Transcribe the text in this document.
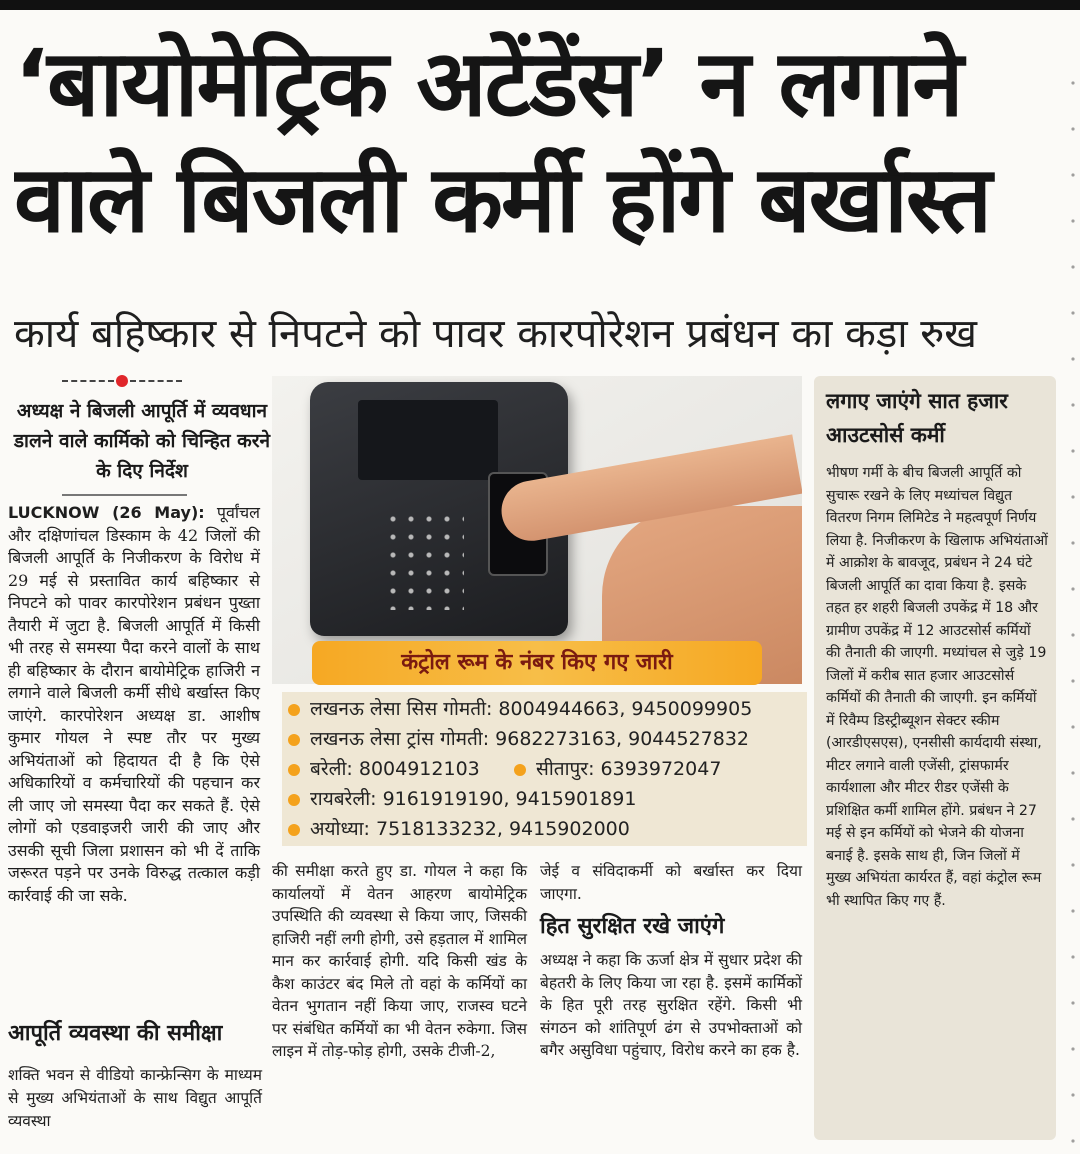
‘बायोमेट्रिक अटेंडेंस’ न लगाने
वाले बिजली कर्मी होंगे बर्खास्त
कार्य बहिष्कार से निपटने को पावर कारपोरेशन प्रबंधन का कड़ा रुख
अध्यक्ष ने बिजली आपूर्ति में व्यवधान डालने वाले कार्मिको को चिन्हित करने के दिए निर्देश
LUCKNOW (26 May): पूर्वांचल और दक्षिणांचल डिस्काम के 42 जिलों की बिजली आपूर्ति के निजीकरण के विरोध में 29 मई से प्रस्तावित कार्य बहिष्कार से निपटने को पावर कारपोरेशन प्रबंधन पुख्ता तैयारी में जुटा है. बिजली आपूर्ति में किसी भी तरह से समस्या पैदा करने वालों के साथ ही बहिष्कार के दौरान बायोमेट्रिक हाजिरी न लगाने वाले बिजली कर्मी सीधे बर्खास्त किए जाएंगे. कारपोरेशन अध्यक्ष डा. आशीष कुमार गोयल ने स्पष्ट तौर पर मुख्य अभियंताओं को हिदायत दी है कि ऐसे अधिकारियों व कर्मचारियों की पहचान कर ली जाए जो समस्या पैदा कर सकते हैं. ऐसे लोगों को एडवाइजरी जारी की जाए और उसकी सूची जिला प्रशासन को भी दें ताकि जरूरत पड़ने पर उनके विरुद्ध तत्काल कड़ी कार्रवाई की जा सके.
आपूर्ति व्यवस्था की समीक्षा
शक्ति भवन से वीडियो कान्फ्रेन्सिग के माध्यम से मुख्य अभियंताओं के साथ विद्युत आपूर्ति व्यवस्था
कंट्रोल रूम के नंबर किए गए जारी
लखनऊ लेसा सिस गोमती: 8004944663, 9450099905
लखनऊ लेसा ट्रांस गोमती: 9682273163, 9044527832
बरेली: 8004912103	सीतापुर: 6393972047
रायबरेली: 9161919190, 9415901891
अयोध्या: 7518133232, 9415902000
की समीक्षा करते हुए डा. गोयल ने कहा कि कार्यालयों में वेतन आहरण बायोमेट्रिक उपस्थिति की व्यवस्था से किया जाए, जिसकी हाजिरी नहीं लगी होगी, उसे हड़ताल में शामिल मान कर कार्रवाई होगी. यदि किसी खंड के कैश काउंटर बंद मिले तो वहां के कर्मियों का वेतन भुगतान नहीं किया जाए, राजस्व घटने पर संबंधित कर्मियों का भी वेतन रुकेगा. जिस लाइन में तोड़-फोड़ होगी, उसके टीजी-2,
जेई व संविदाकर्मी को बर्खास्त कर दिया जाएगा.
हित सुरक्षित रखे जाएंगे
अध्यक्ष ने कहा कि ऊर्जा क्षेत्र में सुधार प्रदेश की बेहतरी के लिए किया जा रहा है. इसमें कार्मिकों के हित पूरी तरह सुरक्षित रहेंगे. किसी भी संगठन को शांतिपूर्ण ढंग से उपभोक्ताओं को बगैर असुविधा पहुंचाए, विरोध करने का हक है.
लगाए जाएंगे सात हजार आउटसोर्स कर्मी
भीषण गर्मी के बीच बिजली आपूर्ति को सुचारू रखने के लिए मध्यांचल विद्युत वितरण निगम लिमिटेड ने महत्वपूर्ण निर्णय लिया है. निजीकरण के खिलाफ अभियंताओं में आक्रोश के बावजूद, प्रबंधन ने 24 घंटे बिजली आपूर्ति का दावा किया है. इसके तहत हर शहरी बिजली उपकेंद्र में 18 और ग्रामीण उपकेंद्र में 12 आउटसोर्स कर्मियों की तैनाती की जाएगी. मध्यांचल से जुड़े 19 जिलों में करीब सात हजार आउटसोर्स कर्मियों की तैनाती की जाएगी. इन कर्मियों में रिवैम्प डिस्ट्रीब्यूशन सेक्टर स्कीम (आरडीएसएस), एनसीसी कार्यदायी संस्था, मीटर लगाने वाली एजेंसी, ट्रांसफार्मर कार्यशाला और मीटर रीडर एजेंसी के प्रशिक्षित कर्मी शामिल होंगे. प्रबंधन ने 27 मई से इन कर्मियों को भेजने की योजना बनाई है. इसके साथ ही, जिन जिलों में मुख्य अभियंता कार्यरत हैं, वहां कंट्रोल रूम भी स्थापित किए गए हैं.
